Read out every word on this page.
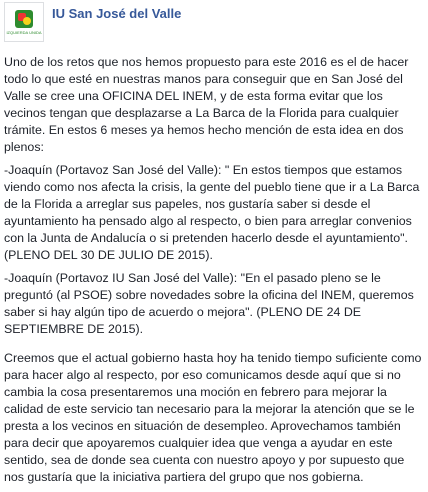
IZQUIERDA UNIDA
IU San José del Valle

Uno de los retos que nos hemos propuesto para este 2016 es el de hacer todo lo que esté en nuestras manos para conseguir que en San José del Valle se cree una OFICINA DEL INEM, y de esta forma evitar que los vecinos tengan que desplazarse a La Barca de la Florida para cualquier trámite. En estos 6 meses ya hemos hecho mención de esta idea en dos plenos:

-Joaquín (Portavoz San José del Valle): " En estos tiempos que estamos viendo como nos afecta la crisis, la gente del pueblo tiene que ir a La Barca de la Florida a arreglar sus papeles, nos gustaría saber si desde el ayuntamiento ha pensado algo al respecto, o bien para arreglar convenios con la Junta de Andalucía o si pretenden hacerlo desde el ayuntamiento". (PLENO DEL 30 DE JULIO DE 2015).

-Joaquín (Portavoz IU San José del Valle): "En el pasado pleno se le preguntó (al PSOE) sobre novedades sobre la oficina del INEM, queremos saber si hay algún tipo de acuerdo o mejora". (PLENO DE 24 DE SEPTIEMBRE DE 2015).

Creemos que el actual gobierno hasta hoy ha tenido tiempo suficiente como para hacer algo al respecto, por eso comunicamos desde aquí que si no cambia la cosa presentaremos una moción en febrero para mejorar la calidad de este servicio tan necesario para la mejorar la atención que se le presta a los vecinos en situación de desempleo. Aprovechamos también para decir que apoyaremos cualquier idea que venga a ayudar en este sentido, sea de donde sea cuenta con nuestro apoyo y por supuesto que nos gustaría que la iniciativa partiera del grupo que nos gobierna.
